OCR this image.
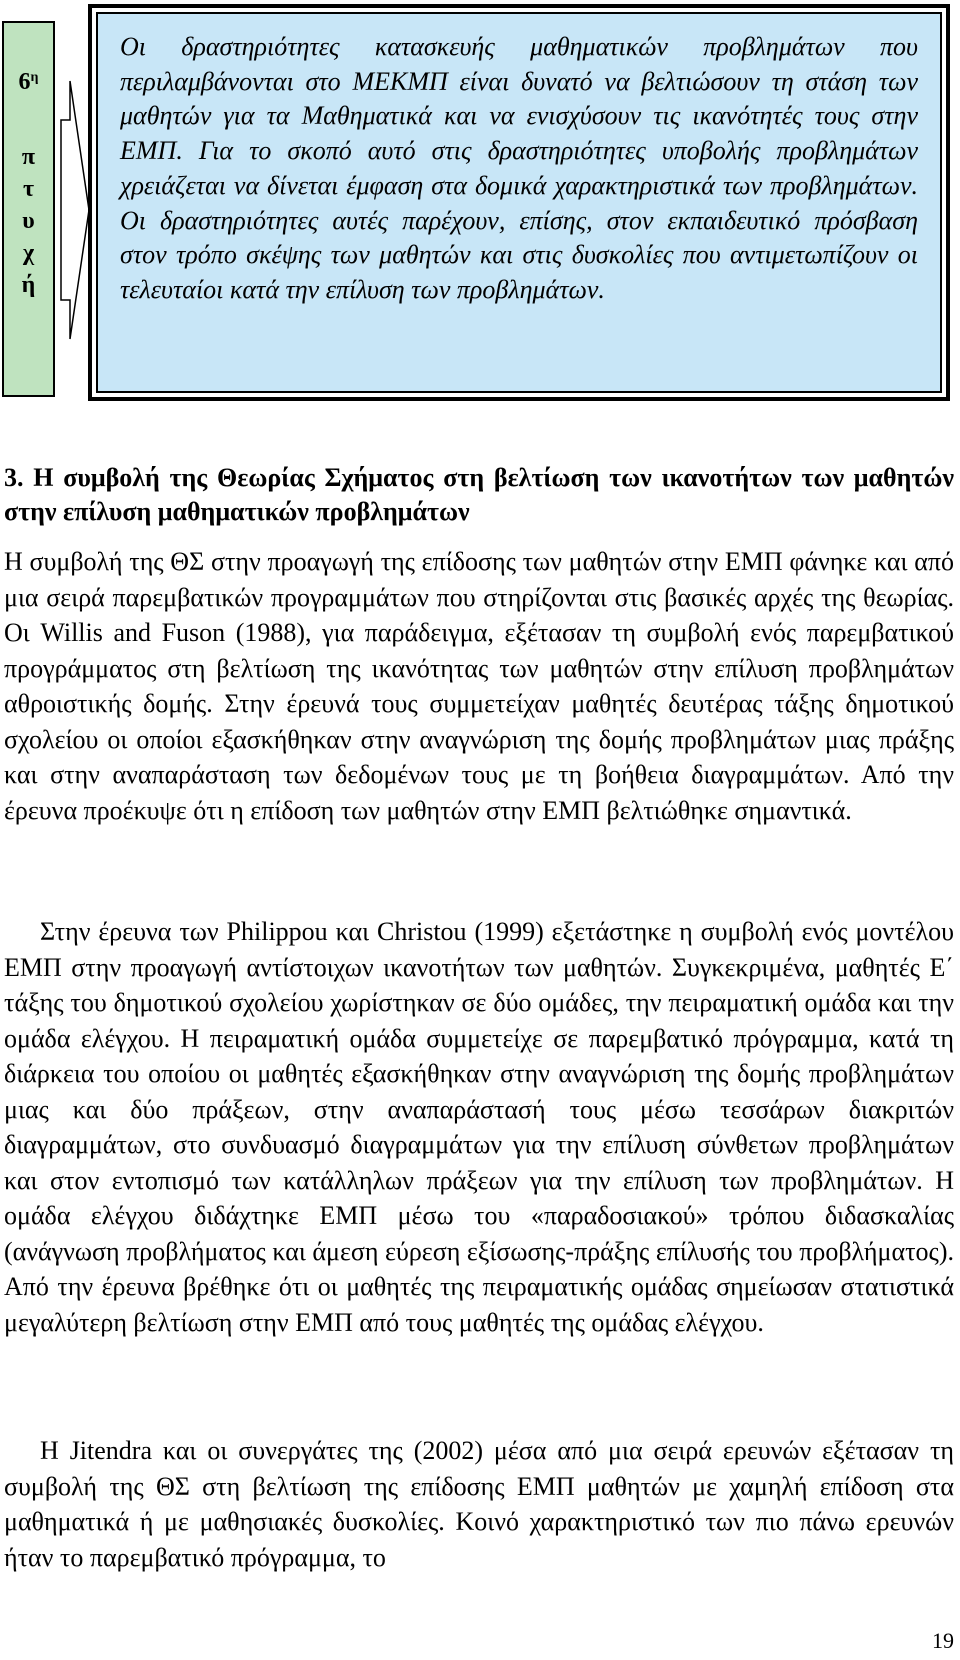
$6^\eta$
π
τ
υ
χ
ή

Οι δραστηριότητες κατασκευής μαθηματικών προβλημάτων που περιλαμβάνονται στο ΜΕΚΜΠ είναι δυνατό να βελτιώσουν τη στάση των μαθητών για τα Μαθηματικά και να ενισχύσουν τις ικανότητές τους στην ΕΜΠ. Για το σκοπό αυτό στις δραστηριότητες υποβολής προβλημάτων χρειάζεται να δίνεται έμφαση στα δομικά χαρακτηριστικά των προβλημάτων. Οι δραστηριότητες αυτές παρέχουν, επίσης, στον εκπαιδευτικό πρόσβαση στον τρόπο σκέψης των μαθητών και στις δυσκολίες που αντιμετωπίζουν οι τελευταίοι κατά την επίλυση των προβλημάτων.

3. Η συμβολή της Θεωρίας Σχήματος στη βελτίωση των ικανοτήτων των μαθητών στην επίλυση μαθηματικών προβλημάτων

Η συμβολή της ΘΣ στην προαγωγή της επίδοσης των μαθητών στην ΕΜΠ φάνηκε και από μια σειρά παρεμβατικών προγραμμάτων που στηρίζονται στις βασικές αρχές της θεωρίας. Οι Willis and Fuson (1988), για παράδειγμα, εξέτασαν τη συμβολή ενός παρεμβατικού προγράμματος στη βελτίωση της ικανότητας των μαθητών στην επίλυση προβλημάτων αθροιστικής δομής. Στην έρευνά τους συμμετείχαν μαθητές δευτέρας τάξης δημοτικού σχολείου οι οποίοι εξασκήθηκαν στην αναγνώριση της δομής προβλημάτων μιας πράξης και στην αναπαράσταση των δεδομένων τους με τη βοήθεια διαγραμμάτων. Από την έρευνα προέκυψε ότι η επίδοση των μαθητών στην ΕΜΠ βελτιώθηκε σημαντικά.

Στην έρευνα των Philippou και Christou (1999) εξετάστηκε η συμβολή ενός μοντέλου ΕΜΠ στην προαγωγή αντίστοιχων ικανοτήτων των μαθητών. Συγκεκριμένα, μαθητές Ε΄ τάξης του δημοτικού σχολείου χωρίστηκαν σε δύο ομάδες, την πειραματική ομάδα και την ομάδα ελέγχου. Η πειραματική ομάδα συμμετείχε σε παρεμβατικό πρόγραμμα, κατά τη διάρκεια του οποίου οι μαθητές εξασκήθηκαν στην αναγνώριση της δομής προβλημάτων μιας και δύο πράξεων, στην αναπαράστασή τους μέσω τεσσάρων διακριτών διαγραμμάτων, στο συνδυασμό διαγραμμάτων για την επίλυση σύνθετων προβλημάτων και στον εντοπισμό των κατάλληλων πράξεων για την επίλυση των προβλημάτων. Η ομάδα ελέγχου διδάχτηκε ΕΜΠ μέσω του «παραδοσιακού» τρόπου διδασκαλίας (ανάγνωση προβλήματος και άμεση εύρεση εξίσωσης-πράξης επίλυσής του προβλήματος). Από την έρευνα βρέθηκε ότι οι μαθητές της πειραματικής ομάδας σημείωσαν στατιστικά μεγαλύτερη βελτίωση στην ΕΜΠ από τους μαθητές της ομάδας ελέγχου.

Η Jitendra και οι συνεργάτες της (2002) μέσα από μια σειρά ερευνών εξέτασαν τη συμβολή της ΘΣ στη βελτίωση της επίδοσης ΕΜΠ μαθητών με χαμηλή επίδοση στα μαθηματικά ή με μαθησιακές δυσκολίες. Κοινό χαρακτηριστικό των πιο πάνω ερευνών ήταν το παρεμβατικό πρόγραμμα, το

19
